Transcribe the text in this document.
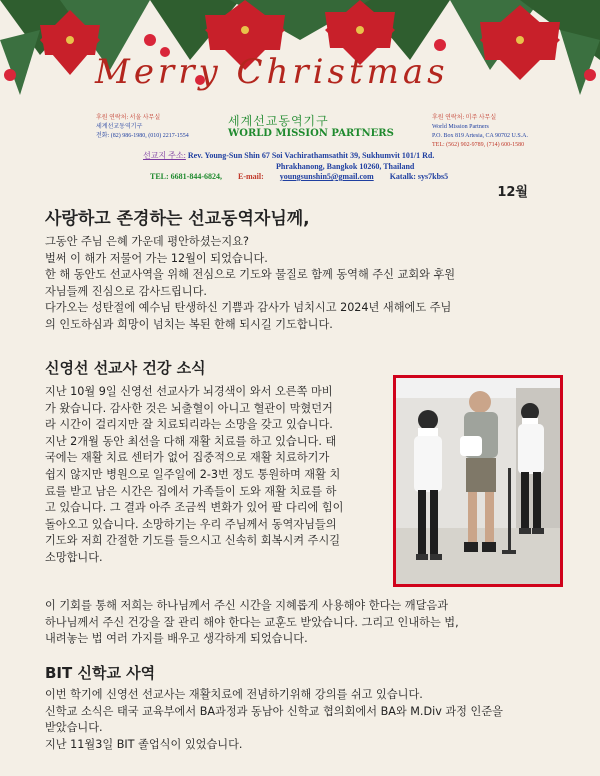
Merry Christmas
후원 연락처: 서울 사무실
세계선교동역기구
전화: (82) 986-1980, (010) 2217-1554
세계선교동역기구
WORLD MISSION PARTNERS
후원 연락처: 미주 사무실
World Mission Partners
P.O. Box 819 Artesia, CA 90702 U.S.A.
TEL: (562) 902-9789, (714) 600-1580
선교지 주소: Rev. Young-Sun Shin 67 Soi Vachirathamsathit 39, Sukhumvit 101/1 Rd.
Phrakhanong, Bangkok 10260, Thailand
TEL: 6681-844-6824, E-mail: youngsunshin5@gmail.com Katalk: sys7kbs5
12월
사랑하고 존경하는 선교동역자님께,
그동안 주님 은혜 가운데 평안하셨는지요?
벌써 이 해가 저물어 가는 12월이 되었습니다.
한 해 동안도 선교사역을 위해 전심으로 기도와 물질로 함께 동역해 주신 교회와 후원
자님들께 진심으로 감사드립니다.
다가오는 성탄절에 예수님 탄생하신 기쁨과 감사가 넘치시고 2024년 새해에도 주님
의 인도하심과 희망이 넘치는 복된 한해 되시길 기도합니다.
신영선 선교사 건강 소식
지난 10월 9일 신영선 선교사가 뇌경색이 와서 오른쪽 마비
가 왔습니다. 감사한 것은 뇌출혈이 아니고 혈관이 막혔던거
라 시간이 걸리지만 잘 치료되리라는 소망을 갖고 있습니다.
지난 2개월 동안 최선을 다해 재활 치료를 하고 있습니다. 태
국에는 재활 치료 센터가 없어 집중적으로 재활 치료하기가
쉽지 않지만 병원으로 일주일에 2-3번 정도 통원하며 재활 치
료를 받고 남은 시간은 집에서 가족들이 도와 재활 치료를 하
고 있습니다. 그 결과 아주 조금씩 변화가 있어 팔 다리에 힘이
돌아오고 있습니다. 소망하기는 우리 주님께서 동역자님들의
기도와 저희 간절한 기도를 들으시고 신속히 회복시켜 주시길
소망합니다.
이 기회를 통해 저희는 하나님께서 주신 시간을 지혜롭게 사용해야 한다는 깨달음과
하나님께서 주신 건강을 잘 관리 해야 한다는 교훈도 받았습니다. 그리고 인내하는 법,
내려놓는 법 여러 가지를 배우고 생각하게 되었습니다.
BIT 신학교 사역
이번 학기에 신영선 선교사는 재활치료에 전념하기위해 강의를 쉬고 있습니다.
신학교 소식은 태국 교육부에서 BA과정과 동남아 신학교 협의회에서 BA와 M.Div 과정 인준을
받았습니다.
지난 11월3일 BIT 졸업식이 있었습니다.
